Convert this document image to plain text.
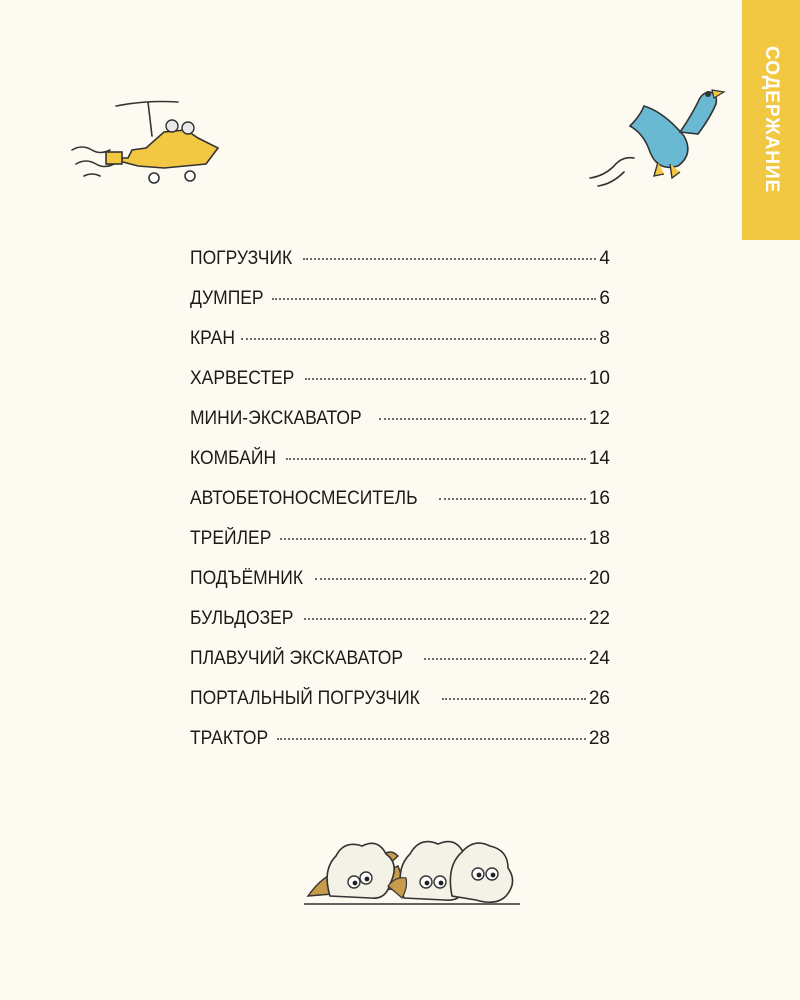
СОДЕРЖАНИЕ
ПОГРУЗЧИК	4
ДУМПЕР	6
КРАН	8
ХАРВЕСТЕР	10
МИНИ-ЭКСКАВАТОР	12
КОМБАЙН	14
АВТОБЕТОНОСМЕСИТЕЛЬ	16
ТРЕЙЛЕР	18
ПОДЪЁМНИК	20
БУЛЬДОЗЕР	22
ПЛАВУЧИЙ ЭКСКАВАТОР	24
ПОРТАЛЬНЫЙ ПОГРУЗЧИК	26
ТРАКТОР	28
